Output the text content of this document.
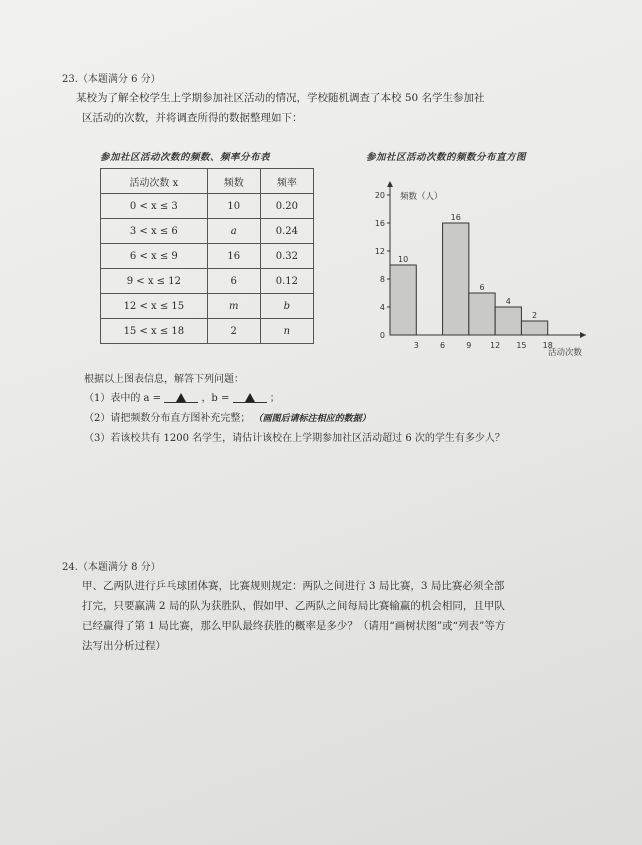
23.（本题满分 6 分）

某校为了解全校学生上学期参加社区活动的情况，学校随机调查了本校 50 名学生参加社

区活动的次数，并将调查所得的数据整理如下：

参加社区活动次数的频数、频率分布表
活动次数 x	频数	频率
0 < x ≤ 3	10	0.20
3 < x ≤ 6	a	0.24
6 < x ≤ 9	16	0.32
9 < x ≤ 12	6	0.12
12 < x ≤ 15	m	b
15 < x ≤ 18	2	n
参加社区活动次数的频数分布直方图
0
4
8
12
16
20
3	6	9 12 15 18
10
16
6
4
2
频数（人）
活动次数
根据以上图表信息，解答下列问题：
（1）表中的 a =	，b =	；
（2）请把频数分布直方图补充完整； （画图后请标注相应的数据）
（3）若该校共有 1200 名学生，请估计该校在上学期参加社区活动超过 6 次的学生有多少人？
24.（本题满分 8 分）

甲、乙两队进行乒乓球团体赛，比赛规则规定：两队之间进行 3 局比赛，3 局比赛必须全部

打完，只要赢满 2 局的队为获胜队，假如甲、乙两队之间每局比赛输赢的机会相同，且甲队

已经赢得了第 1 局比赛，那么甲队最终获胜的概率是多少？（请用“画树状图”或“列表”等方

法写出分析过程）
